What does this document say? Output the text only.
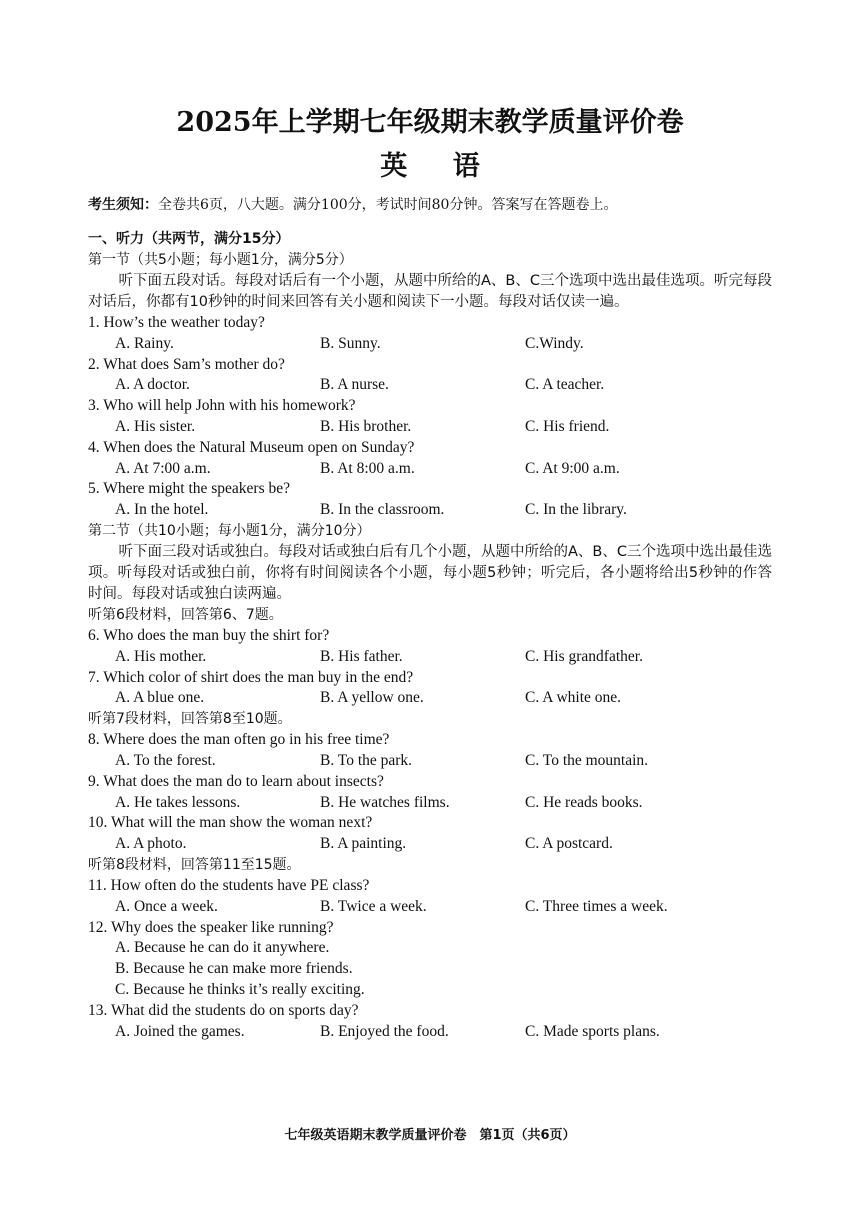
2025年上学期七年级期末教学质量评价卷
英 语

考生须知：全卷共6页，八大题。满分100分，考试时间80分钟。答案写在答题卷上。

一、听力（共两节，满分15分）

第一节（共5小题；每小题1分，满分5分）

听下面五段对话。每段对话后有一个小题，从题中所给的A、B、C三个选项中选出最佳选项。听完每段对话后，你都有10秒钟的时间来回答有关小题和阅读下一小题。每段对话仅读一遍。

1. How’s the weather today?

A. Rainy.	B. Sunny.	C.Windy.

2. What does Sam’s mother do?

A. A doctor.	B. A nurse.	C. A teacher.

3. Who will help John with his homework?

A. His sister.	B. His brother.	C. His friend.

4. When does the Natural Museum open on Sunday?

A. At 7:00 a.m.	B. At 8:00 a.m.	C. At 9:00 a.m.

5. Where might the speakers be?

A. In the hotel.	B. In the classroom.	C. In the library.

第二节（共10小题；每小题1分，满分10分）

听下面三段对话或独白。每段对话或独白后有几个小题，从题中所给的A、B、C三个选项中选出最佳选项。听每段对话或独白前，你将有时间阅读各个小题，每小题5秒钟；听完后，各小题将给出5秒钟的作答时间。每段对话或独白读两遍。

听第6段材料，回答第6、7题。

6. Who does the man buy the shirt for?

A. His mother.	B. His father.	C. His grandfather.

7. Which color of shirt does the man buy in the end?

A. A blue one.	B. A yellow one.	C. A white one.

听第7段材料，回答第8至10题。

8. Where does the man often go in his free time?

A. To the forest.	B. To the park.	C. To the mountain.

9. What does the man do to learn about insects?

A. He takes lessons.	B. He watches films.	C. He reads books.

10. What will the man show the woman next?

A. A photo.	B. A painting.	C. A postcard.

听第8段材料，回答第11至15题。

11. How often do the students have PE class?

A. Once a week.	B. Twice a week.	C. Three times a week.

12. Why does the speaker like running?

A. Because he can do it anywhere.

B. Because he can make more friends.

C. Because he thinks it’s really exciting.

13. What did the students do on sports day?

A. Joined the games.	B. Enjoyed the food.	C. Made sports plans.
七年级英语期末教学质量评价卷　第1页（共6页）
